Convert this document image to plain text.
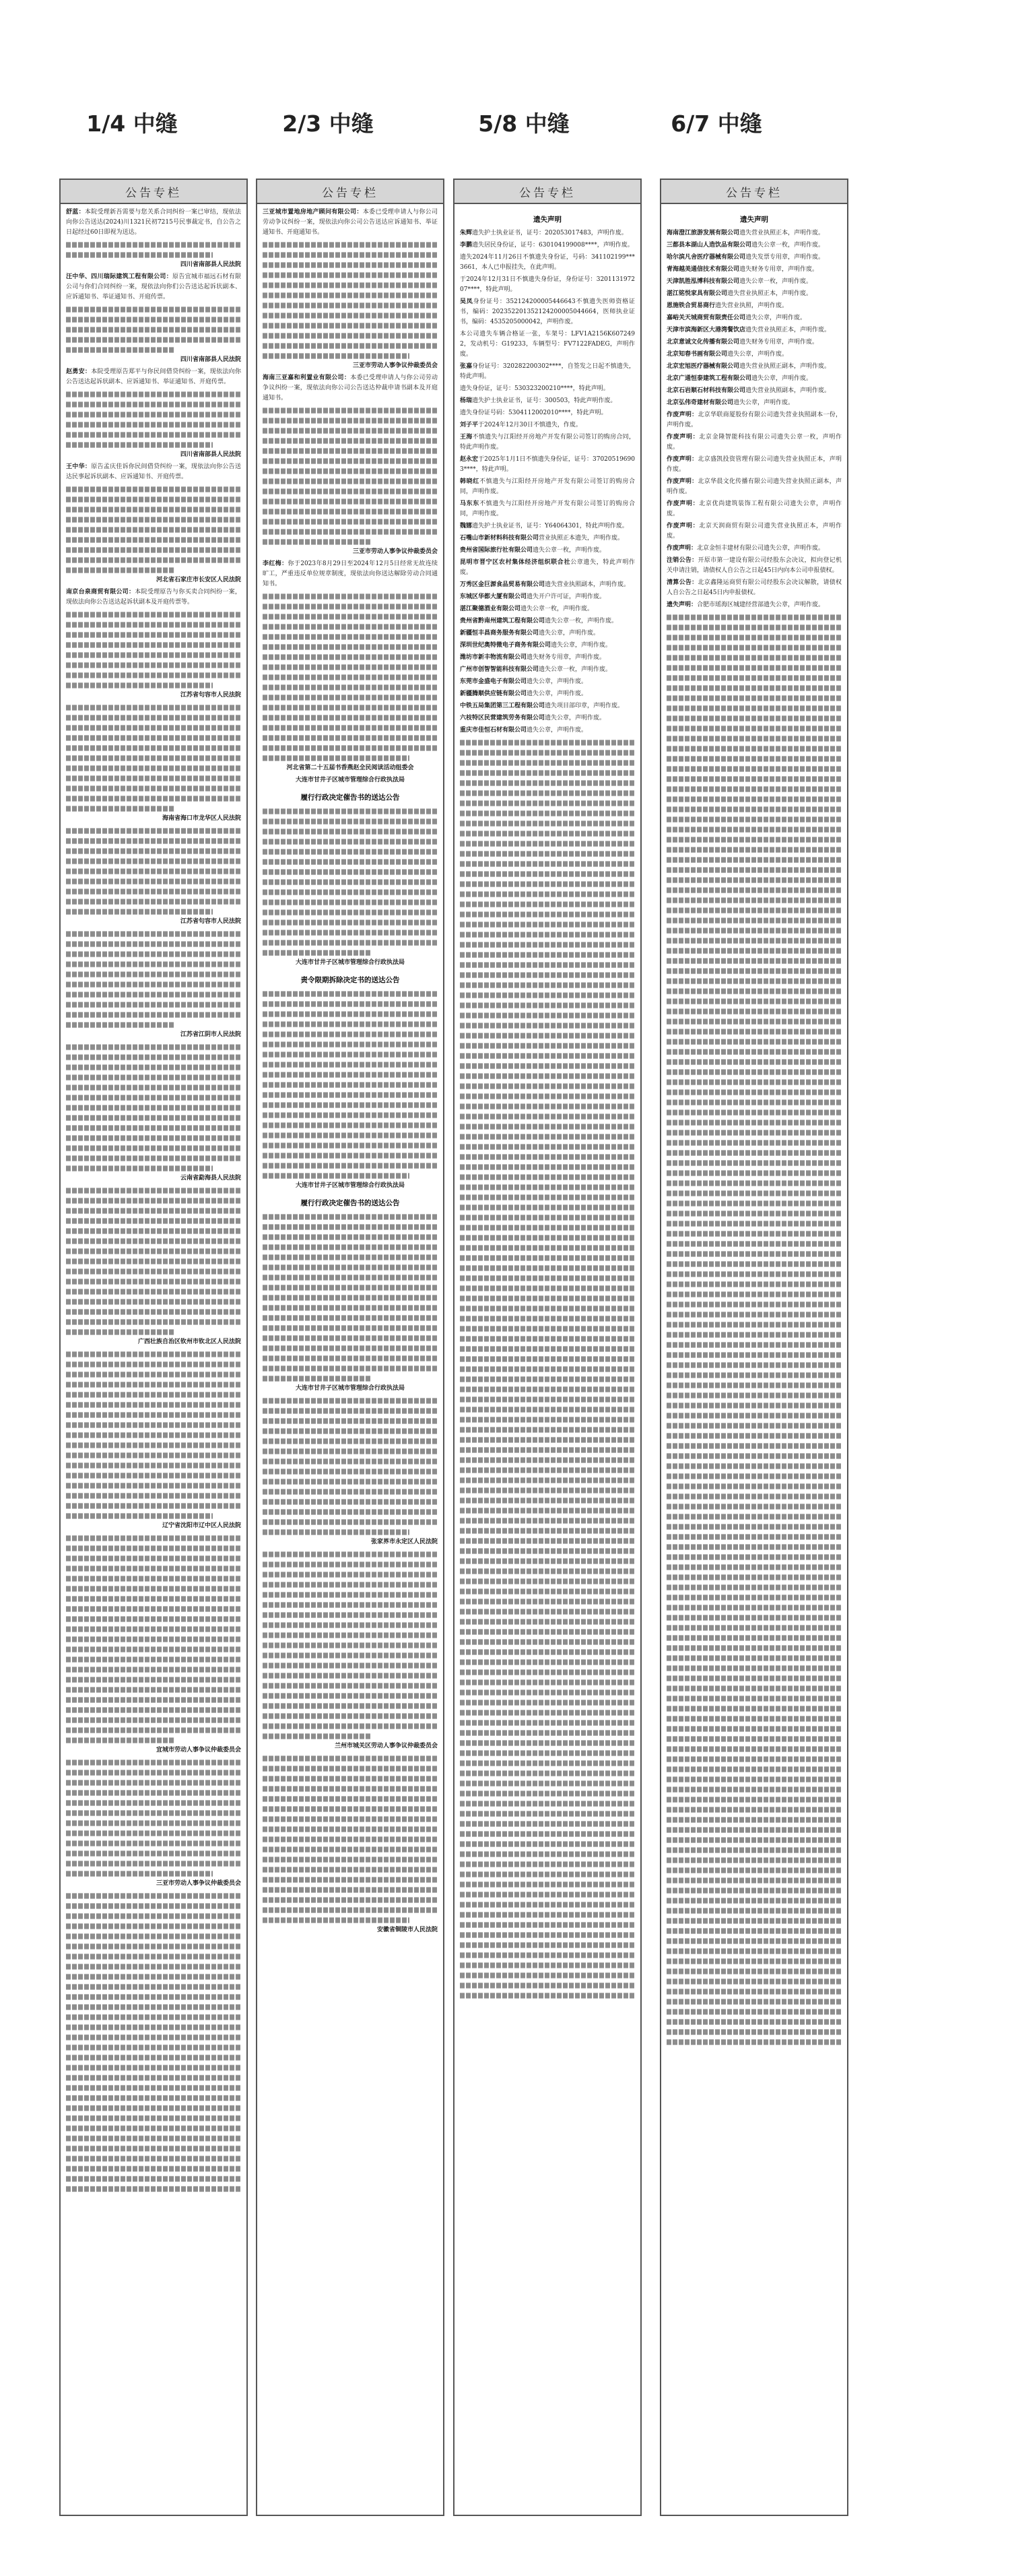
1/4 中缝	2/3 中缝	5/8 中缝	6/7 中缝
公告专栏
舒蓝：本院受理新吾需要与您关系合同纠纷一案已审结，现依法向你公告送达(2024)川1321民初7215号民事裁定书，自公告之日起经过60日即视为送达。
四川省南部县人民法院
汪中华、四川瑞际建筑工程有限公司：原告宜城市福远石材有限公司与你们合同纠纷一案，现依法向你们公告送达起诉状副本、应诉通知书、举证通知书、开庭传票。
四川省南部县人民法院
赵勇安：本院受理原告郑平与你民间借贷纠纷一案，现依法向你公告送达起诉状副本、应诉通知书、举证通知书、开庭传票。
四川省南部县人民法院
王中华：原告孟庆佳诉你民间借贷纠纷一案，现依法向你公告送达民事起诉状副本、应诉通知书、开庭传票。
河北省石家庄市长安区人民法院
南京台泉商贸有限公司：本院受理原告与你买卖合同纠纷一案，现依法向你公告送达起诉状副本及开庭传票等。
江苏省句容市人民法院
海南省海口市龙华区人民法院
江苏省句容市人民法院
江苏省江阴市人民法院
云南省勐海县人民法院
广西壮族自治区钦州市钦北区人民法院
辽宁省沈阳市辽中区人民法院
宜城市劳动人事争议仲裁委员会
三亚市劳动人事争议仲裁委员会
公告专栏
三亚城市置地房地产顾问有限公司：本委已受理申请人与你公司劳动争议纠纷一案，现依法向你公司公告送达应诉通知书、举证通知书、开庭通知书。
三亚市劳动人事争议仲裁委员会
海南三亚嘉和利置业有限公司：本委已受理申请人与你公司劳动争议纠纷一案，现依法向你公司公告送达仲裁申请书副本及开庭通知书。
三亚市劳动人事争议仲裁委员会
李红梅：你于2023年8月29日至2024年12月5日经常无故连续旷工，严重违反单位规章制度，现依法向你送达解除劳动合同通知书。
河北省第二十五届书香燕赵全民阅读活动组委会
大连市甘井子区城市管理综合行政执法局
履行行政决定催告书的送达公告
大连市甘井子区城市管理综合行政执法局
责令限期拆除决定书的送达公告
大连市甘井子区城市管理综合行政执法局
履行行政决定催告书的送达公告
大连市甘井子区城市管理综合行政执法局
张家界市永定区人民法院
兰州市城关区劳动人事争议仲裁委员会
安徽省铜陵市人民法院
公告专栏
遗失声明
朱辉遗失护士执业证书，证号：202053017483，声明作废。
李鹏遗失居民身份证，证号：630104199008****，声明作废。
遗失2024年11月26日不慎遗失身份证，号码：341102199***3661，本人已申报挂失，在此声明。
于2024年12月31日不慎遗失身份证，身份证号：320113197207****，特此声明。
吴凤身份证号：352124200005446643不慎遗失医师资格证书，编码：202352201352124200005044664，医师执业证书，编码：4535205000042，声明作废。
本公司遗失车辆合格证一张，车架号：LFV1A2156K6072492，发动机号：G19233，车辆型号：FV7122FADEG，声明作废。
张嘉身份证号：320282200302****，自签发之日起不慎遗失，特此声明。
遗失身份证，证号：530323200210****，特此声明。
杨瑞遗失护士执业证书，证号：300503，特此声明作废。
遗失身份证号码：5304112002010****，特此声明。
刘子平于2024年12月30日不慎遗失，作废。
王海不慎遗失与江阳经开房地产开发有限公司签订的购房合同，特此声明作废。
赵永宏于2025年1月1日不慎遗失身份证，证号：370205196903****，特此声明。
韩晓红不慎遗失与江阳经开房地产开发有限公司签订的购房合同，声明作废。
马东东不慎遗失与江阳经开房地产开发有限公司签订的购房合同，声明作废。
魏娜遗失护士执业证书，证号：Y64064301，特此声明作废。
石嘴山市新材料科技有限公司营业执照正本遗失，声明作废。
贵州省国际旅行社有限公司遗失公章一枚，声明作废。
昆明市晋宁区农村集体经济组织联合社公章遗失，特此声明作废。
万秀区金巨源食品贸易有限公司遗失营业执照副本，声明作废。
东城区华都大厦有限公司遗失开户许可证，声明作废。
湛江聚德酒业有限公司遗失公章一枚，声明作废。
贵州省黔南州建筑工程有限公司遗失公章一枚，声明作废。
新疆恒丰昌商务服务有限公司遗失公章，声明作废。
深圳世纪奥特微电子商务有限公司遗失公章，声明作废。
潍坊市新丰物流有限公司遗失财务专用章，声明作废。
广州市创智智能科技有限公司遗失公章一枚，声明作废。
东莞市金盛电子有限公司遗失公章，声明作废。
新疆腾顺供应链有限公司遗失公章，声明作废。
中铁五局集团第三工程有限公司遗失项目部印章，声明作废。
六枝特区民营建筑劳务有限公司遗失公章，声明作废。
重庆市佳恒石材有限公司遗失公章，声明作废。
公告专栏
遗失声明
海南澄江旅游发展有限公司遗失营业执照正本，声明作废。
三都县本湖山人造饮品有限公司遗失公章一枚，声明作废。
哈尔滨凡舍医疗器械有限公司遗失发票专用章，声明作废。
青海越美通信技术有限公司遗失财务专用章，声明作废。
天津凯胜泓博科技有限公司遗失公章一枚，声明作废。
湛江铭悦家具有限公司遗失营业执照正本，声明作废。
恩施铁合贸易商行遗失营业执照，声明作废。
嘉峪关天城商贸有限责任公司遗失公章，声明作废。
天津市滨海新区大港湾餐饮店遗失营业执照正本，声明作废。
北京意诚文化传播有限公司遗失财务专用章，声明作废。
北京知春书画有限公司遗失公章，声明作废。
北京宏旭医疗器械有限公司遗失营业执照正副本，声明作废。
北京广通恒泰建筑工程有限公司遗失公章，声明作废。
北京石岩顺石材科技有限公司遗失营业执照副本，声明作废。
北京弘伟奇建材有限公司遗失公章，声明作废。
作废声明：北京华联商厦股份有限公司遗失营业执照副本一份，声明作废。
作废声明：北京金隆智能科技有限公司遗失公章一枚，声明作废。
作废声明：北京盛凯投资管理有限公司遗失营业执照正本，声明作废。
作废声明：北京华晨文化传播有限公司遗失营业执照正副本，声明作废。
作废声明：北京优尚建筑装饰工程有限公司遗失公章，声明作废。
作废声明：北京天润商贸有限公司遗失营业执照正本，声明作废。
作废声明：北京金恒丰建材有限公司遗失公章，声明作废。
注销公告：开原市第一建设有限公司经股东会决议，拟向登记机关申请注销，请债权人自公告之日起45日内向本公司申报债权。
清算公告：北京鑫隆运商贸有限公司经股东会决议解散，请债权人自公告之日起45日内申报债权。
遗失声明：合肥市瑶海区城建经营部遗失公章，声明作废。
